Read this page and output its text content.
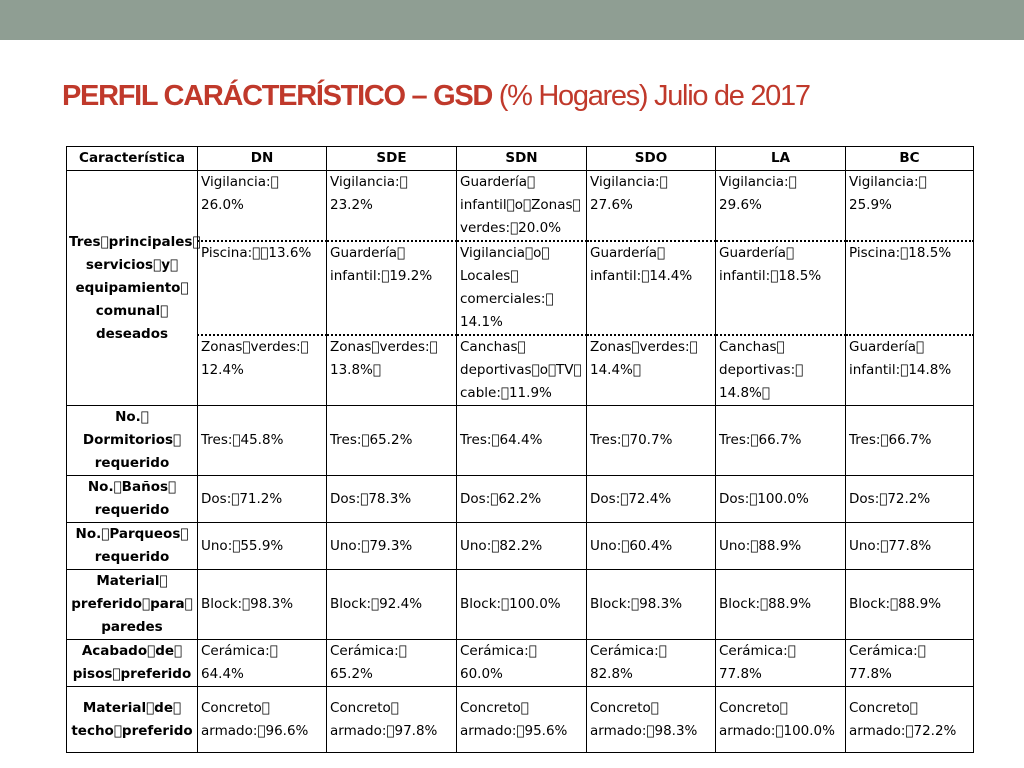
PERFIL CARÁCTERÍSTICO – GSD (% Hogares) Julio de 2017
Característica	DN	SDE	SDN	SDO	LA	BC
Tres principales  servicios y  equipamiento  comunal  deseados	Vigilancia: 
26.0%	Vigilancia: 
23.2%	Guardería 
infantil o Zonas 
verdes: 20.0%	Vigilancia: 
27.6%	Vigilancia: 
29.6%	Vigilancia: 
25.9%
	Piscina:  13.6%	Guardería 
infantil: 19.2%	Vigilancia o 
Locales 
comerciales: 
14.1%	Guardería 
infantil: 14.4%	Guardería 
infantil: 18.5%	Piscina: 18.5%
	Zonas verdes: 
12.4%	Zonas verdes: 
13.8% 	Canchas 
deportivas o TV 
cable: 11.9%	Zonas verdes: 
14.4% 	Canchas 
deportivas: 
14.8% 	Guardería 
infantil: 14.8%
No. 
Dormitorios 
requerido	Tres: 45.8%	Tres: 65.2%	Tres: 64.4%	Tres: 70.7%	Tres: 66.7%	Tres: 66.7%
No. Baños 
requerido	Dos: 71.2%	Dos: 78.3%	Dos: 62.2%	Dos: 72.4%	Dos: 100.0%	Dos: 72.2%
No. Parqueos 
requerido	Uno: 55.9%	Uno: 79.3%	Uno: 82.2%	Uno: 60.4%	Uno: 88.9%	Uno: 77.8%
Material 
preferido para 
paredes	Block: 98.3%	Block: 92.4%	Block: 100.0%	Block: 98.3%	Block: 88.9%	Block: 88.9%
Acabado de 
pisos preferido	Cerámica: 
64.4%	Cerámica: 
65.2%	Cerámica: 
60.0%	Cerámica: 
82.8%	Cerámica: 
77.8%	Cerámica: 
77.8%
Material de 
techo preferido	Concreto 
armado: 96.6%	Concreto 
armado: 97.8%	Concreto 
armado: 95.6%	Concreto 
armado: 98.3%	Concreto 
armado: 100.0%	Concreto 
armado: 72.2%
